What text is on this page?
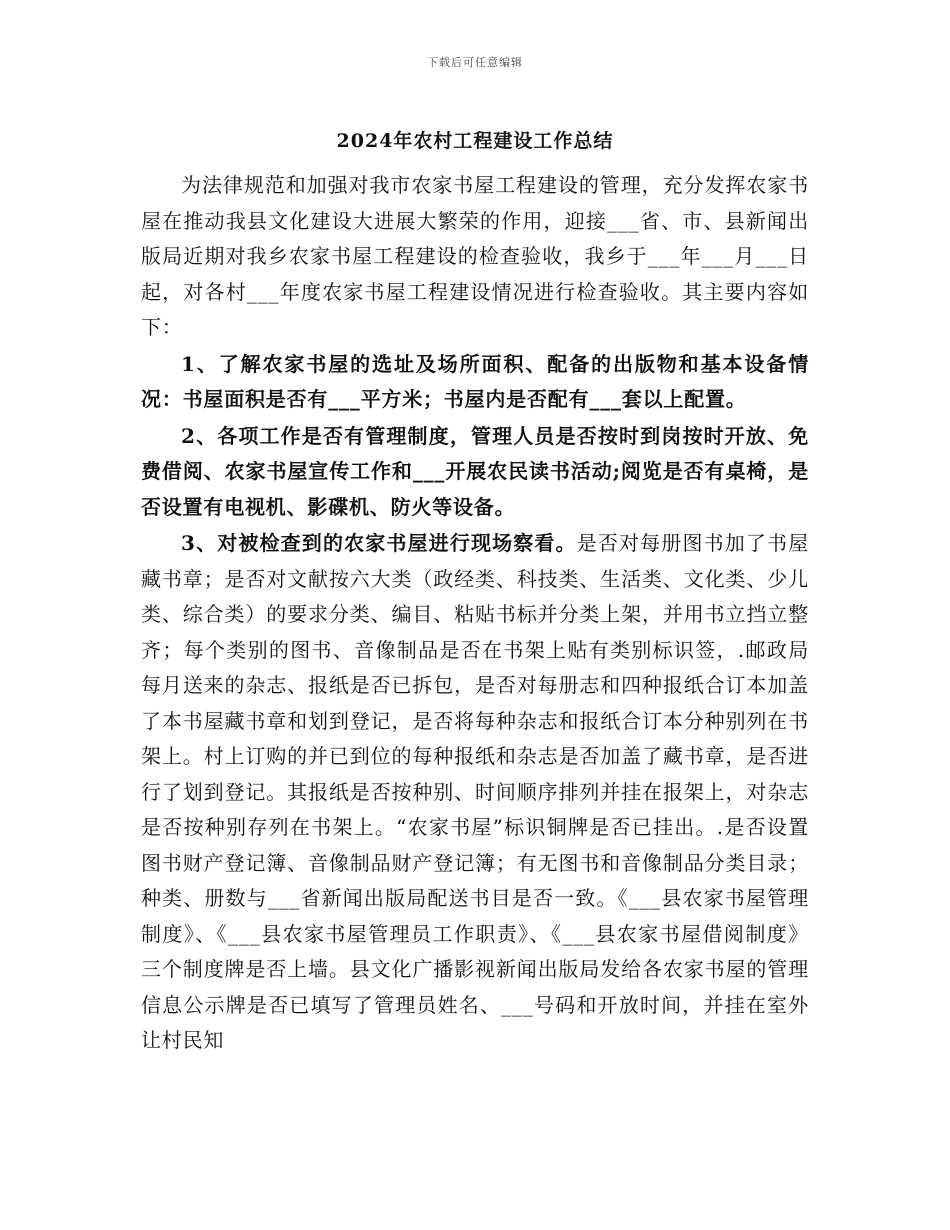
下载后可任意编辑
2024年农村工程建设工作总结

为法律规范和加强对我市农家书屋工程建设的管理，充分发挥农家书屋在推动我县文化建设大进展大繁荣的作用，迎接___省、市、县新闻出版局近期对我乡农家书屋工程建设的检查验收，我乡于___年___月___日起，对各村___年度农家书屋工程建设情况进行检查验收。其主要内容如下：

1、了解农家书屋的选址及场所面积、配备的出版物和基本设备情况：书屋面积是否有___平方米；书屋内是否配有___套以上配置。

2、各项工作是否有管理制度，管理人员是否按时到岗按时开放、免费借阅、农家书屋宣传工作和___开展农民读书活动;阅览是否有桌椅，是否设置有电视机、影碟机、防火等设备。

3、对被检查到的农家书屋进行现场察看。是否对每册图书加了书屋藏书章；是否对文献按六大类（政经类、科技类、生活类、文化类、少儿类、综合类）的要求分类、编目、粘贴书标并分类上架，并用书立挡立整齐；每个类别的图书、音像制品是否在书架上贴有类别标识签，.邮政局每月送来的杂志、报纸是否已拆包，是否对每册志和四种报纸合订本加盖了本书屋藏书章和划到登记，是否将每种杂志和报纸合订本分种别列在书架上。村上订购的并已到位的每种报纸和杂志是否加盖了藏书章，是否进行了划到登记。其报纸是否按种别、时间顺序排列并挂在报架上，对杂志是否按种别存列在书架上。“农家书屋”标识铜牌是否已挂出。.是否设置图书财产登记簿、音像制品财产登记簿；有无图书和音像制品分类目录；种类、册数与___省新闻出版局配送书目是否一致。《___县农家书屋管理制度》、《___县农家书屋管理员工作职责》、《___县农家书屋借阅制度》三个制度牌是否上墙。县文化广播影视新闻出版局发给各农家书屋的管理信息公示牌是否已填写了管理员姓名、___号码和开放时间，并挂在室外让村民知
